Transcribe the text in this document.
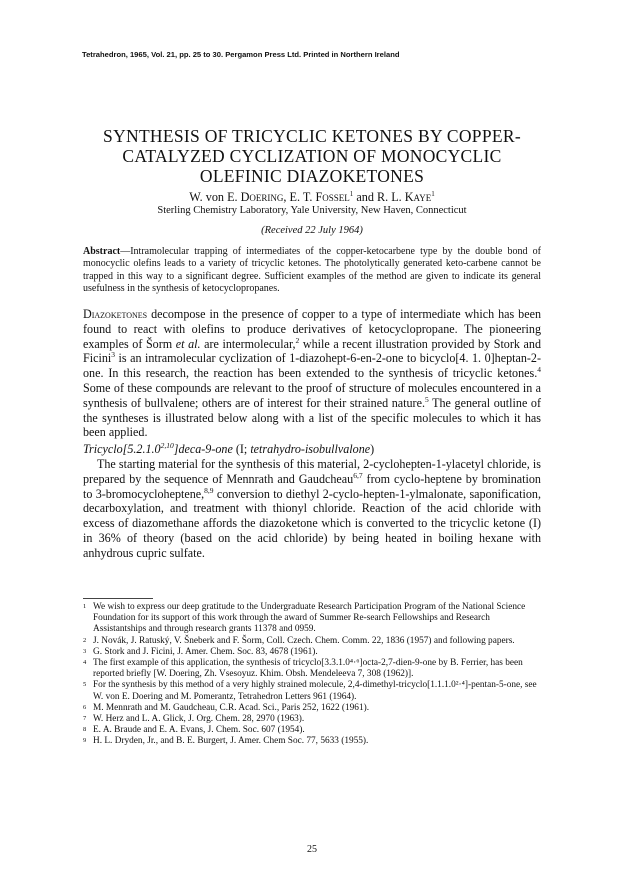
Tetrahedron, 1965, Vol. 21, pp. 25 to 30. Pergamon Press Ltd. Printed in Northern Ireland
SYNTHESIS OF TRICYCLIC KETONES BY COPPER-
CATALYZED CYCLIZATION OF MONOCYCLIC
OLEFINIC DIAZOKETONES
W. von E. Doering, E. T. Fossel$^1$ and R. L. Kaye$^1$
Sterling Chemistry Laboratory, Yale University, New Haven, Connecticut
(Received 22 July 1964)
Abstract—Intramolecular trapping of intermediates of the copper-ketocarbene type by the double bond of monocyclic olefins leads to a variety of tricyclic ketones. The photolytically generated keto-carbene cannot be trapped in this way to a significant degree. Sufficient examples of the method are given to indicate its general usefulness in the synthesis of ketocyclopropanes.

Diazoketones decompose in the presence of copper to a type of intermediate which has been found to react with olefins to produce derivatives of ketocyclopropane. The pioneering examples of Šorm et al. are intermolecular,$^2$ while a recent illustration provided by Stork and Ficini$^3$ is an intramolecular cyclization of 1-diazohept-6-en-2-one to bicyclo[4. 1. 0]heptan-2-one. In this research, the reaction has been extended to the synthesis of tricyclic ketones.$^4$ Some of these compounds are relevant to the proof of structure of molecules encountered in a synthesis of bullvalene; others are of interest for their strained nature.$^5$ The general outline of the syntheses is illustrated below along with a list of the specific molecules to which it has been applied.

Tricyclo[5.2.1.0$^{2,10}$]deca-9-one (I; tetrahydro-isobullvalone)

The starting material for the synthesis of this material, 2-cyclohepten-1-ylacetyl chloride, is prepared by the sequence of Mennrath and Gaudcheau$^{6,7}$ from cyclo-heptene by bromination to 3-bromocycloheptene,$^{8,9}$ conversion to diethyl 2-cyclo-hepten-1-ylmalonate, saponification, decarboxylation, and treatment with thionyl chloride. Reaction of the acid chloride with excess of diazomethane affords the diazoketone which is converted to the tricyclic ketone (I) in 36% of theory (based on the acid chloride) by being heated in boiling hexane with anhydrous cupric sulfate.

1 We wish to express our deep gratitude to the Undergraduate Research Participation Program of the National Science Foundation for its support of this work through the award of Summer Re-search Fellowships and Research Assistantships and through research grants 11378 and 0959.
2 J. Novák, J. Ratuský, V. Šneberk and F. Šorm, Coll. Czech. Chem. Comm. 22, 1836 (1957) and following papers.
3 G. Stork and J. Ficini, J. Amer. Chem. Soc. 83, 4678 (1961).
4 The first example of this application, the synthesis of tricyclo[3.3.1.0⁴·⁶]octa-2,7-dien-9-one by B. Ferrier, has been reported briefly [W. Doering, Zh. Vsesoyuz. Khim. Obsh. Mendeleeva 7, 308 (1962)].
5 For the synthesis by this method of a very highly strained molecule, 2,4-dimethyl-tricyclo[1.1.1.0²·⁴]-pentan-5-one, see W. von E. Doering and M. Pomerantz, Tetrahedron Letters 961 (1964).
6 M. Mennrath and M. Gaudcheau, C.R. Acad. Sci., Paris 252, 1622 (1961).
7 W. Herz and L. A. Glick, J. Org. Chem. 28, 2970 (1963).
8 E. A. Braude and E. A. Evans, J. Chem. Soc. 607 (1954).
9 H. L. Dryden, Jr., and B. E. Burgert, J. Amer. Chem Soc. 77, 5633 (1955).
25
